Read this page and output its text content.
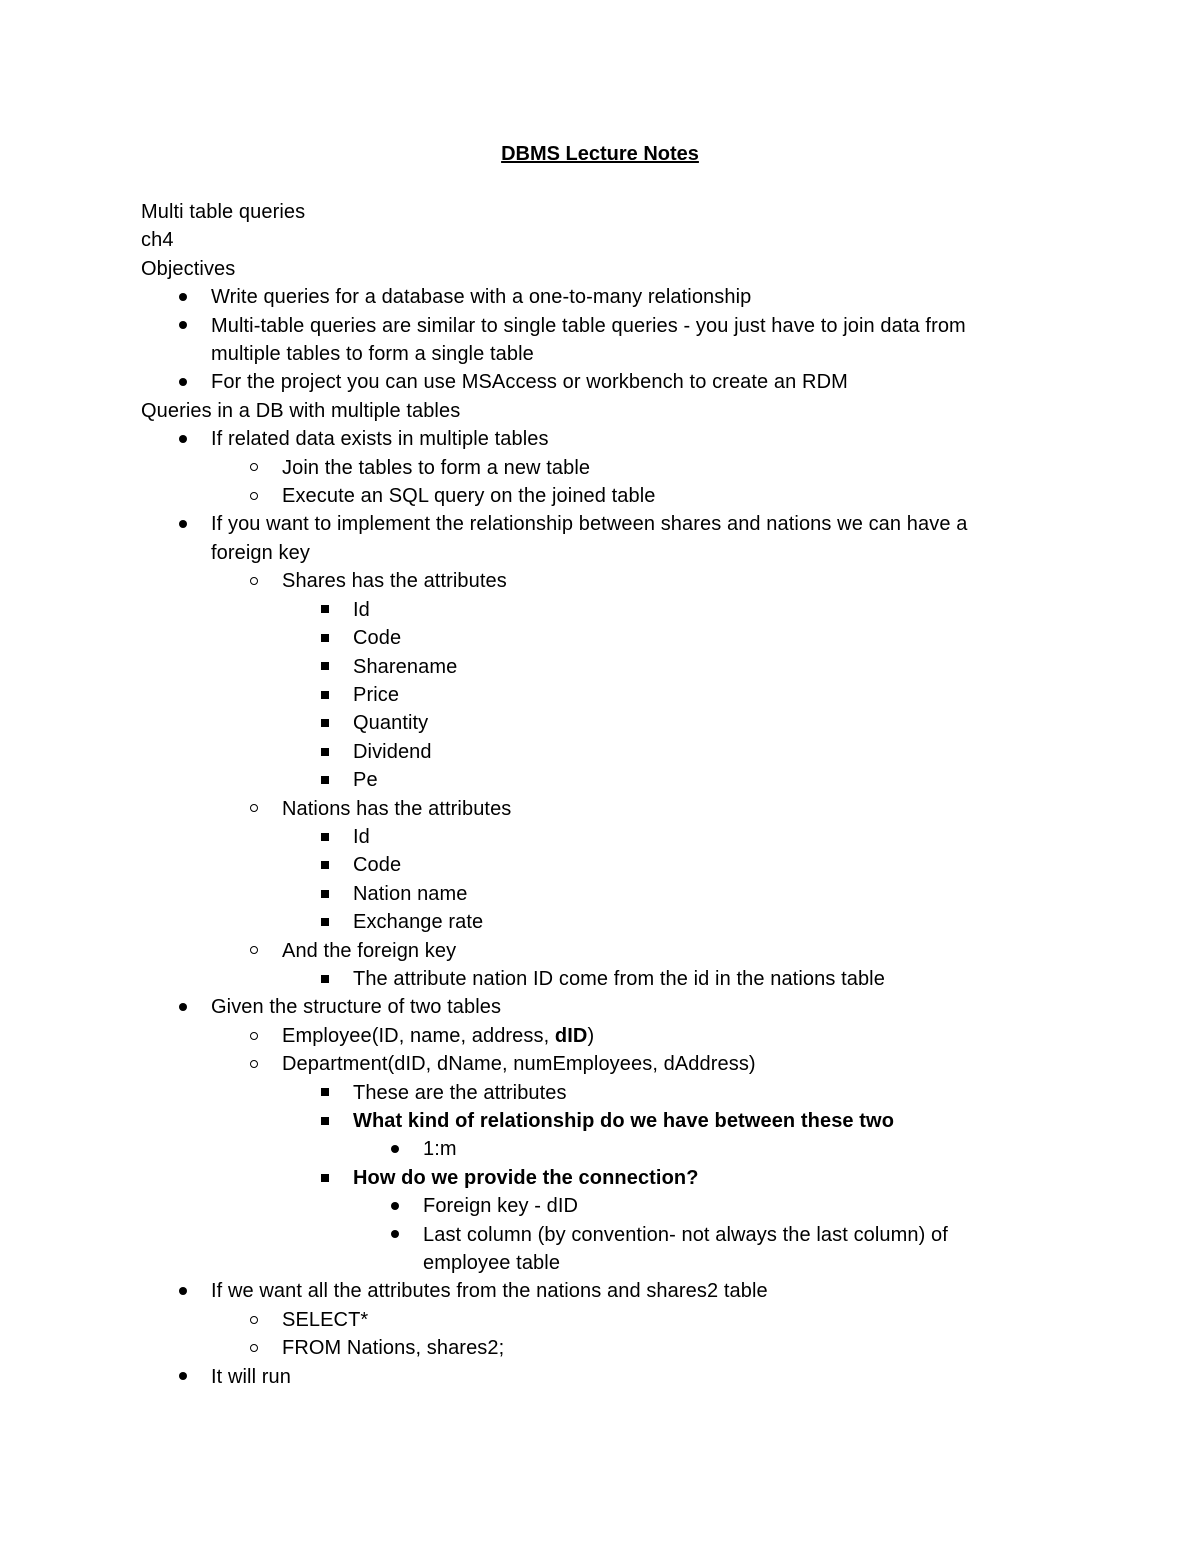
DBMS Lecture Notes
Multi table queries
ch4
Objectives
Write queries for a database with a one-to-many relationship
Multi-table queries are similar to single table queries - you just have to join data from
multiple tables to form a single table
For the project you can use MSAccess or workbench to create an RDM
Queries in a DB with multiple tables
If related data exists in multiple tables
Join the tables to form a new table
Execute an SQL query on the joined table
If you want to implement the relationship between shares and nations we can have a
foreign key
Shares has the attributes
Id
Code
Sharename
Price
Quantity
Dividend
Pe
Nations has the attributes
Id
Code
Nation name
Exchange rate
And the foreign key
The attribute nation ID come from the id in the nations table
Given the structure of two tables
Employee(ID, name, address, dID)
Department(dID, dName, numEmployees, dAddress)
These are the attributes
What kind of relationship do we have between these two
1:m
How do we provide the connection?
Foreign key - dID
Last column (by convention- not always the last column) of
employee table
If we want all the attributes from the nations and shares2 table
SELECT*
FROM Nations, shares2;
It will run
